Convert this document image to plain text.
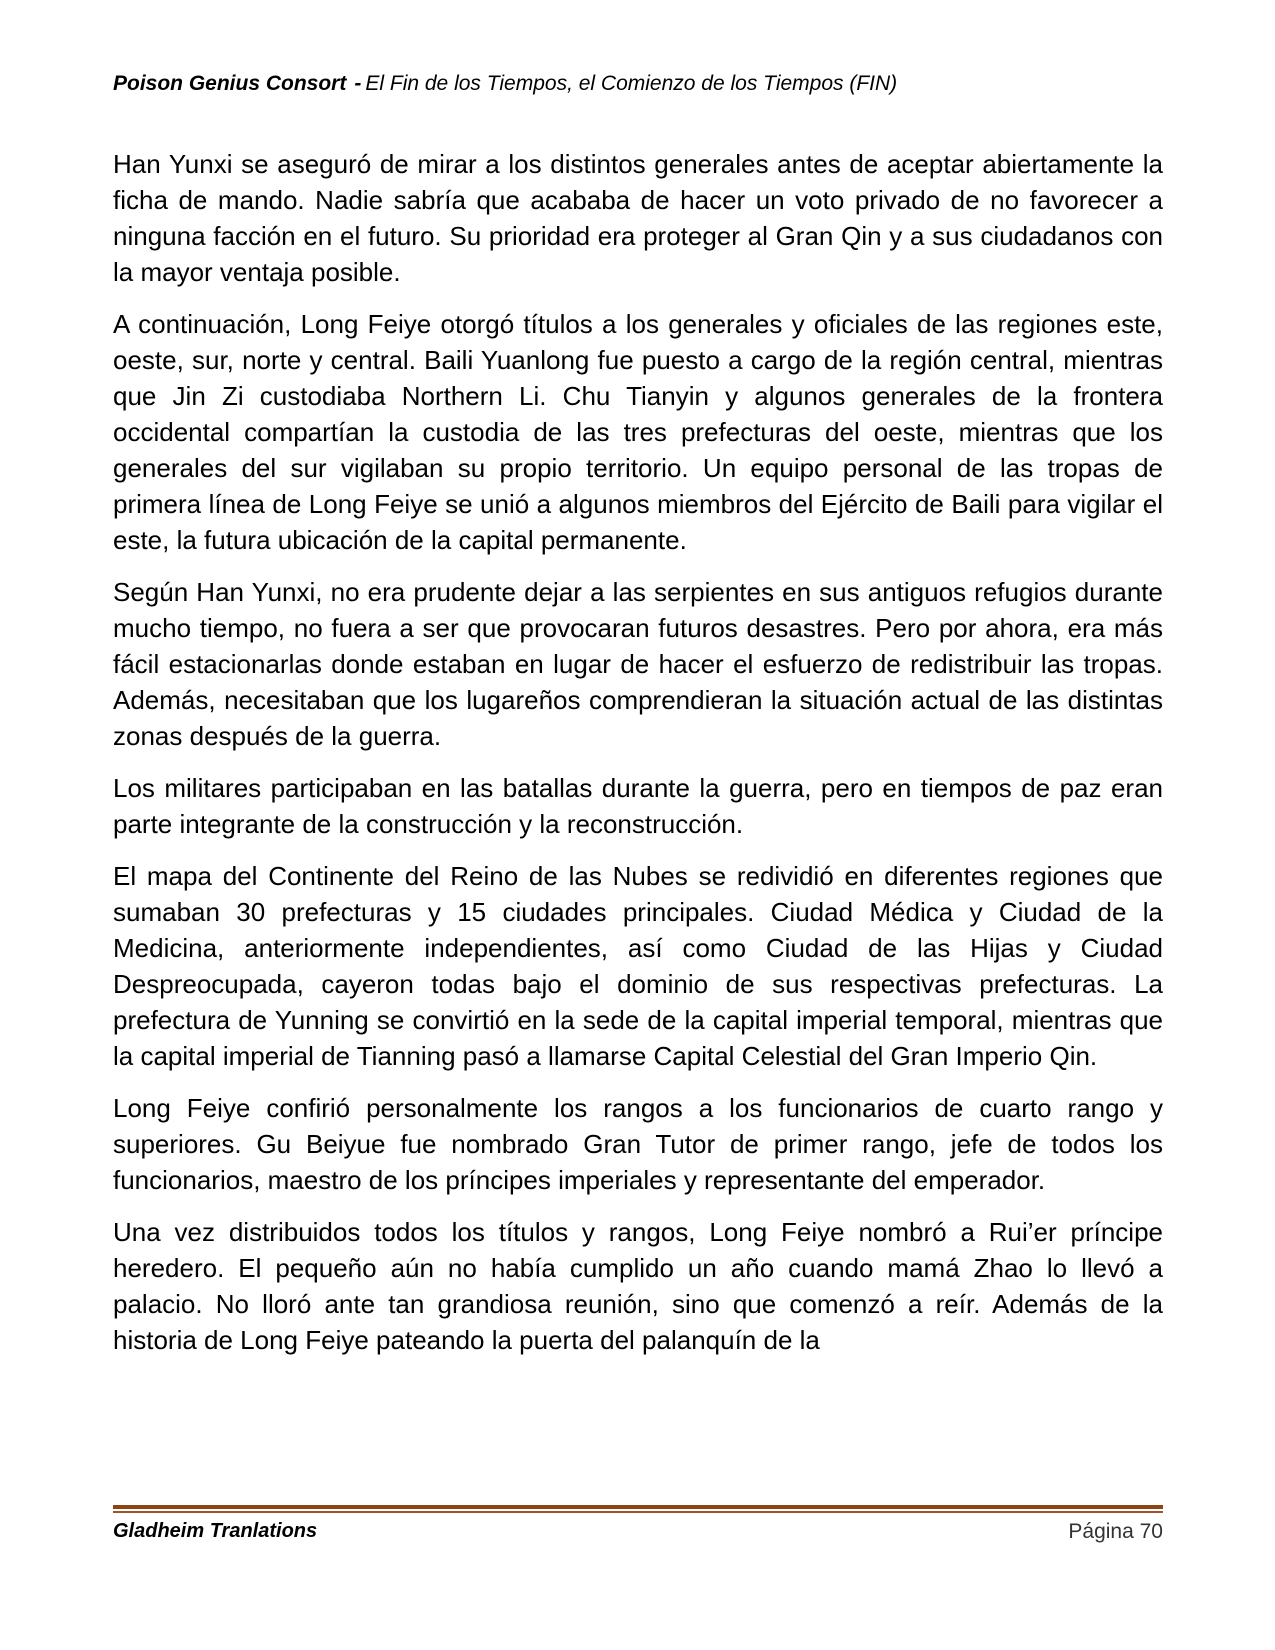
Poison Genius Consort - El Fin de los Tiempos, el Comienzo de los Tiempos (FIN)

Han Yunxi se aseguró de mirar a los distintos generales antes de aceptar abiertamente la ficha de mando. Nadie sabría que acababa de hacer un voto privado de no favorecer a ninguna facción en el futuro. Su prioridad era proteger al Gran Qin y a sus ciudadanos con la mayor ventaja posible.

A continuación, Long Feiye otorgó títulos a los generales y oficiales de las regiones este, oeste, sur, norte y central. Baili Yuanlong fue puesto a cargo de la región central, mientras que Jin Zi custodiaba Northern Li. Chu Tianyin y algunos generales de la frontera occidental compartían la custodia de las tres prefecturas del oeste, mientras que los generales del sur vigilaban su propio territorio. Un equipo personal de las tropas de primera línea de Long Feiye se unió a algunos miembros del Ejército de Baili para vigilar el este, la futura ubicación de la capital permanente.

Según Han Yunxi, no era prudente dejar a las serpientes en sus antiguos refugios durante mucho tiempo, no fuera a ser que provocaran futuros desastres. Pero por ahora, era más fácil estacionarlas donde estaban en lugar de hacer el esfuerzo de redistribuir las tropas. Además, necesitaban que los lugareños comprendieran la situación actual de las distintas zonas después de la guerra.

Los militares participaban en las batallas durante la guerra, pero en tiempos de paz eran parte integrante de la construcción y la reconstrucción.

El mapa del Continente del Reino de las Nubes se redividió en diferentes regiones que sumaban 30 prefecturas y 15 ciudades principales. Ciudad Médica y Ciudad de la Medicina, anteriormente independientes, así como Ciudad de las Hijas y Ciudad Despreocupada, cayeron todas bajo el dominio de sus respectivas prefecturas. La prefectura de Yunning se convirtió en la sede de la capital imperial temporal, mientras que la capital imperial de Tianning pasó a llamarse Capital Celestial del Gran Imperio Qin.

Long Feiye confirió personalmente los rangos a los funcionarios de cuarto rango y superiores. Gu Beiyue fue nombrado Gran Tutor de primer rango, jefe de todos los funcionarios, maestro de los príncipes imperiales y representante del emperador.

Una vez distribuidos todos los títulos y rangos, Long Feiye nombró a Rui’er príncipe heredero. El pequeño aún no había cumplido un año cuando mamá Zhao lo llevó a palacio. No lloró ante tan grandiosa reunión, sino que comenzó a reír. Además de la historia de Long Feiye pateando la puerta del palanquín de la

Gladheim Tranlations	Página 70
